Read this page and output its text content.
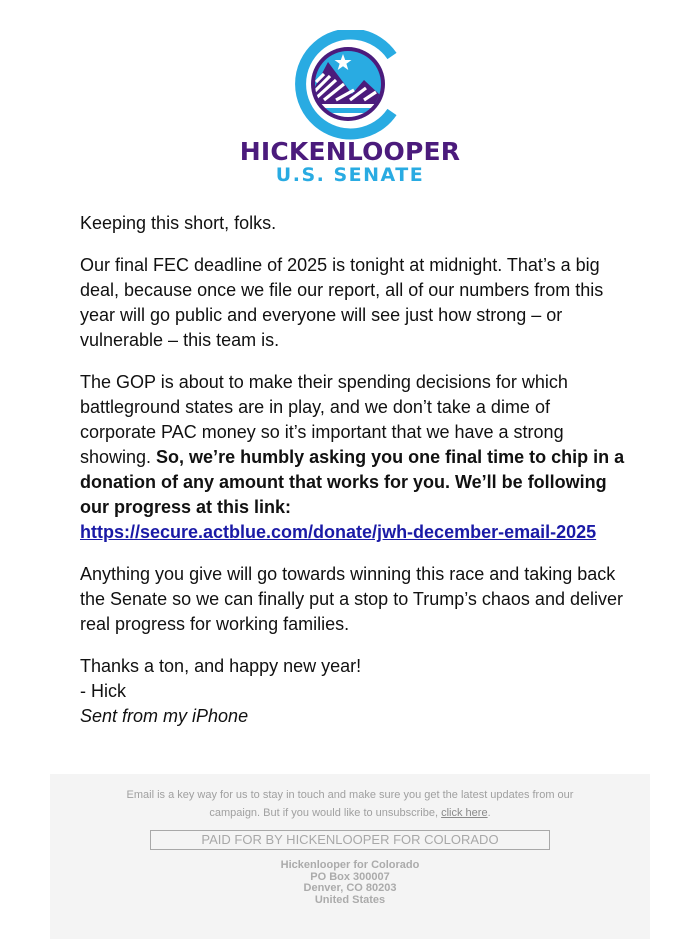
HICKENLOOPER
U.S. SENATE

Keeping this short, folks.

Our final FEC deadline of 2025 is tonight at midnight. That’s a big deal, because once we file our report, all of our numbers from this year will go public and everyone will see just how strong – or vulnerable – this team is.

The GOP is about to make their spending decisions for which battleground states are in play, and we don’t take a dime of corporate PAC money so it’s important that we have a strong showing. So, we’re humbly asking you one final time to chip in a donation of any amount that works for you. We’ll be following our progress at this link:
https://secure.actblue.com/donate/jwh-december-email-2025

Anything you give will go towards winning this race and taking back the Senate so we can finally put a stop to Trump’s chaos and deliver real progress for working families.

Thanks a ton, and happy new year!
- Hick
Sent from my iPhone
Email is a key way for us to stay in touch and make sure you get the latest updates from our campaign. But if you would like to unsubscribe, click here.
PAID FOR BY HICKENLOOPER FOR COLORADO
Hickenlooper for Colorado
PO Box 300007
Denver, CO 80203
United States
